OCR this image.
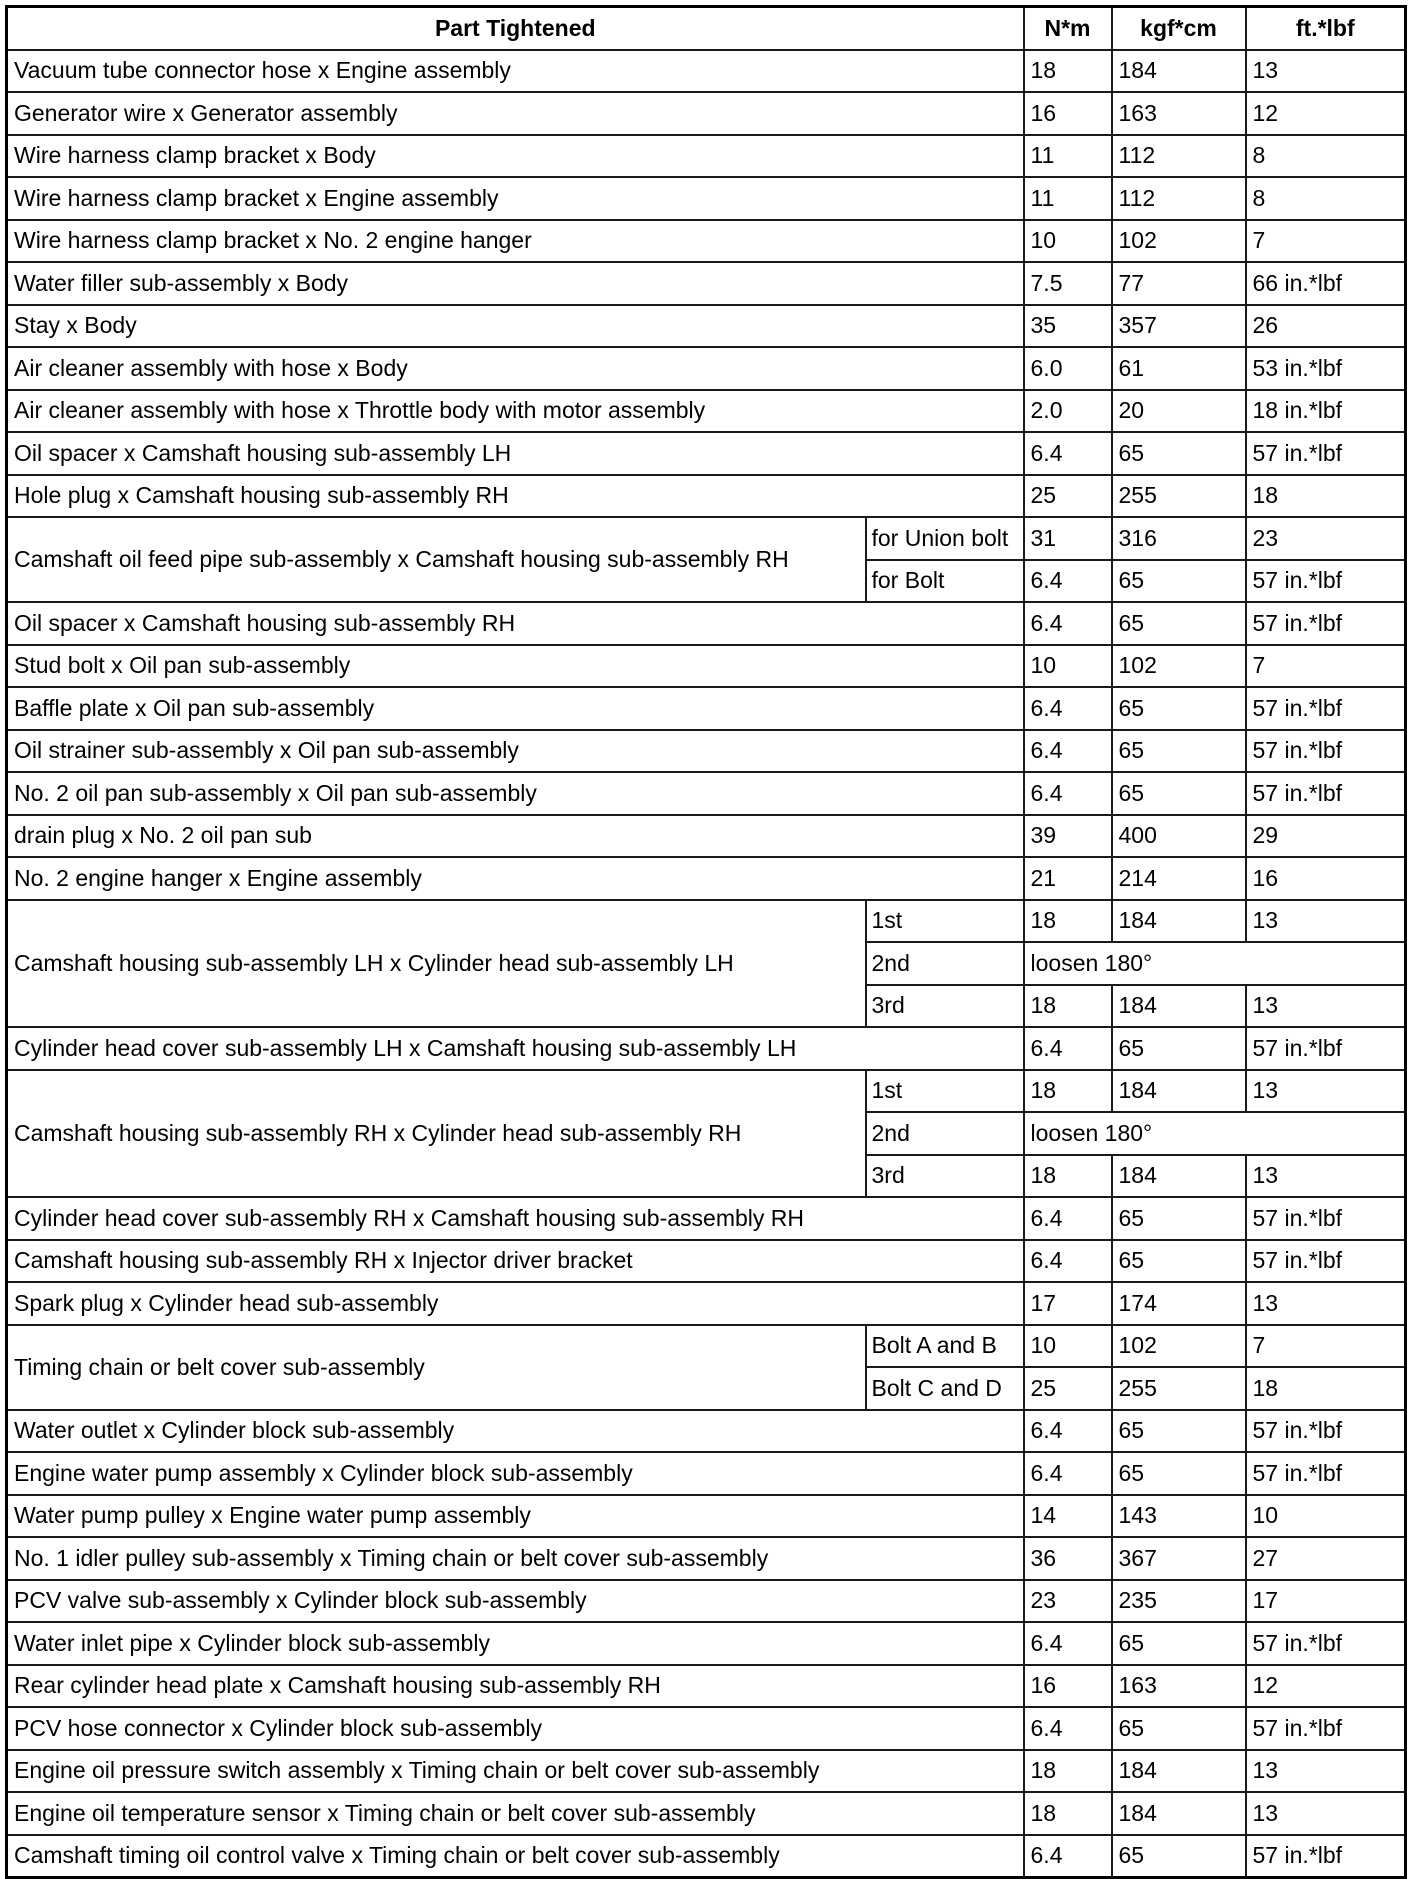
Part Tightened		N*m	kgf*cm	ft.*lbf
Vacuum tube connector hose x Engine assembly		18	184	13
Generator wire x Generator assembly		16	163	12
Wire harness clamp bracket x Body		11	112	8
Wire harness clamp bracket x Engine assembly		11	112	8
Wire harness clamp bracket x No. 2 engine hanger		10	102	7
Water filler sub-assembly x Body		7.5	77	66 in.*lbf
Stay x Body		35	357	26
Air cleaner assembly with hose x Body		6.0	61	53 in.*lbf
Air cleaner assembly with hose x Throttle body with motor assembly		2.0	20	18 in.*lbf
Oil spacer x Camshaft housing sub-assembly LH		6.4	65	57 in.*lbf
Hole plug x Camshaft housing sub-assembly RH		25	255	18
Camshaft oil feed pipe sub-assembly x Camshaft housing sub-assembly RH	for Union bolt	31	316	23
	for Bolt	6.4	65	57 in.*lbf
Oil spacer x Camshaft housing sub-assembly RH		6.4	65	57 in.*lbf
Stud bolt x Oil pan sub-assembly		10	102	7
Baffle plate x Oil pan sub-assembly		6.4	65	57 in.*lbf
Oil strainer sub-assembly x Oil pan sub-assembly		6.4	65	57 in.*lbf
No. 2 oil pan sub-assembly x Oil pan sub-assembly		6.4	65	57 in.*lbf
drain plug x No. 2 oil pan sub		39	400	29
No. 2 engine hanger x Engine assembly		21	214	16
Camshaft housing sub-assembly LH x Cylinder head sub-assembly LH	1st	18	184	13
	2nd	loosen 180°		
	3rd	18	184	13
Cylinder head cover sub-assembly LH x Camshaft housing sub-assembly LH		6.4	65	57 in.*lbf
Camshaft housing sub-assembly RH x Cylinder head sub-assembly RH	1st	18	184	13
	2nd	loosen 180°		
	3rd	18	184	13
Cylinder head cover sub-assembly RH x Camshaft housing sub-assembly RH		6.4	65	57 in.*lbf
Camshaft housing sub-assembly RH x Injector driver bracket		6.4	65	57 in.*lbf
Spark plug x Cylinder head sub-assembly		17	174	13
Timing chain or belt cover sub-assembly	Bolt A and B	10	102	7
	Bolt C and D	25	255	18
Water outlet x Cylinder block sub-assembly		6.4	65	57 in.*lbf
Engine water pump assembly x Cylinder block sub-assembly		6.4	65	57 in.*lbf
Water pump pulley x Engine water pump assembly		14	143	10
No. 1 idler pulley sub-assembly x Timing chain or belt cover sub-assembly		36	367	27
PCV valve sub-assembly x Cylinder block sub-assembly		23	235	17
Water inlet pipe x Cylinder block sub-assembly		6.4	65	57 in.*lbf
Rear cylinder head plate x Camshaft housing sub-assembly RH		16	163	12
PCV hose connector x Cylinder block sub-assembly		6.4	65	57 in.*lbf
Engine oil pressure switch assembly x Timing chain or belt cover sub-assembly		18	184	13
Engine oil temperature sensor x Timing chain or belt cover sub-assembly		18	184	13
Camshaft timing oil control valve x Timing chain or belt cover sub-assembly		6.4	65	57 in.*lbf
